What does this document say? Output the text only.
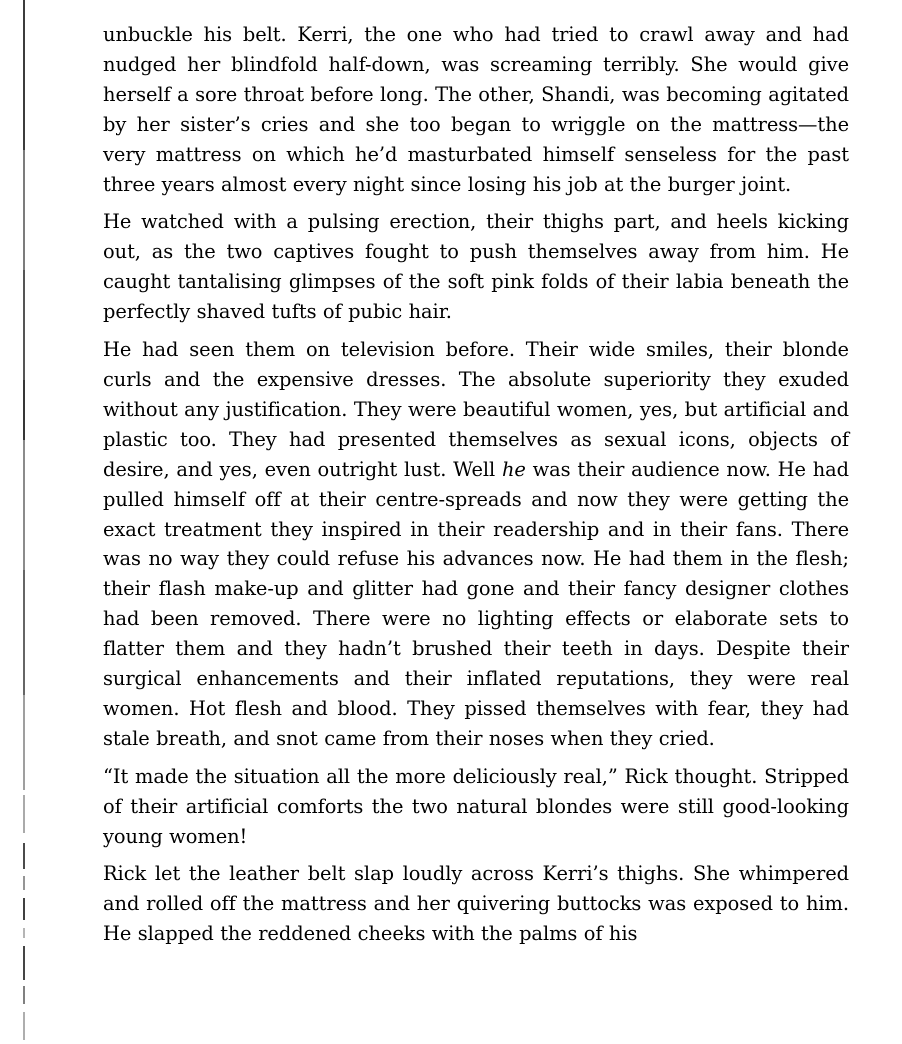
unbuckle his belt. Kerri, the one who had tried to crawl away and had nudged her blindfold half-down, was screaming terribly. She would give herself a sore throat before long. The other, Shandi, was becoming agitated by her sister’s cries and she too began to wriggle on the mattress—the very mattress on which he’d masturbated himself senseless for the past three years almost every night since losing his job at the burger joint.

He watched with a pulsing erection, their thighs part, and heels kicking out, as the two captives fought to push themselves away from him. He caught tantalising glimpses of the soft pink folds of their labia beneath the perfectly shaved tufts of pubic hair.

He had seen them on television before. Their wide smiles, their blonde curls and the expensive dresses. The absolute superiority they exuded without any justification. They were beautiful women, yes, but artificial and plastic too. They had presented themselves as sexual icons, objects of desire, and yes, even outright lust. Well he was their audience now. He had pulled himself off at their centre-spreads and now they were getting the exact treatment they inspired in their readership and in their fans. There was no way they could refuse his advances now. He had them in the flesh; their flash make-up and glitter had gone and their fancy designer clothes had been removed. There were no lighting effects or elaborate sets to flatter them and they hadn’t brushed their teeth in days. Despite their surgical enhancements and their inflated reputations, they were real women. Hot flesh and blood. They pissed themselves with fear, they had stale breath, and snot came from their noses when they cried.

“It made the situation all the more deliciously real,” Rick thought. Stripped of their artificial comforts the two natural blondes were still good-looking young women!

Rick let the leather belt slap loudly across Kerri’s thighs. She whimpered and rolled off the mattress and her quivering buttocks was exposed to him. He slapped the reddened cheeks with the palms of his
